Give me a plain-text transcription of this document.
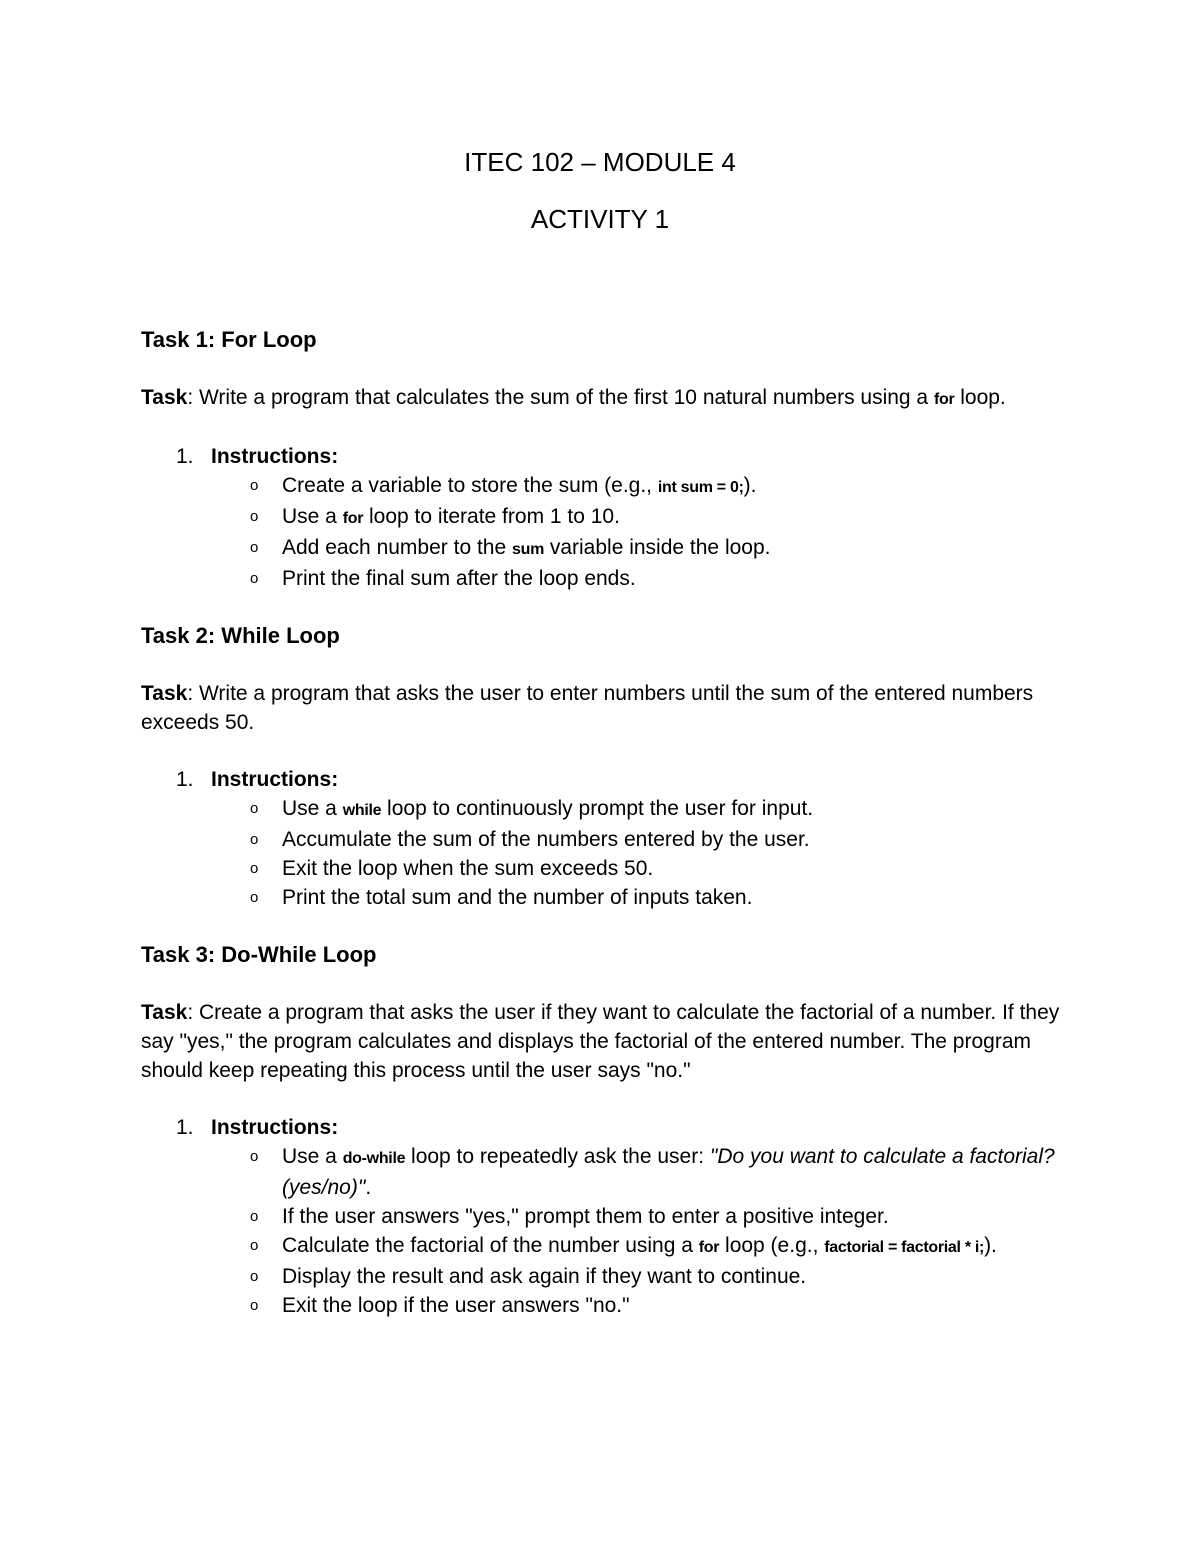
ITEC 102 – MODULE 4
ACTIVITY 1
Task 1: For Loop
Task: Write a program that calculates the sum of the first 10 natural numbers using a for loop.
1. Instructions:
o Create a variable to store the sum (e.g., int sum = 0;).
o Use a for loop to iterate from 1 to 10.
o Add each number to the sum variable inside the loop.
o Print the final sum after the loop ends.
Task 2: While Loop
Task: Write a program that asks the user to enter numbers until the sum of the entered numbers exceeds 50.
1. Instructions:
o Use a while loop to continuously prompt the user for input.
o Accumulate the sum of the numbers entered by the user.
o Exit the loop when the sum exceeds 50.
o Print the total sum and the number of inputs taken.
Task 3: Do-While Loop
Task: Create a program that asks the user if they want to calculate the factorial of a number. If they say "yes," the program calculates and displays the factorial of the entered number. The program should keep repeating this process until the user says "no."
1. Instructions:
o Use a do-while loop to repeatedly ask the user: "Do you want to calculate a factorial? (yes/no)".
o If the user answers "yes," prompt them to enter a positive integer.
o Calculate the factorial of the number using a for loop (e.g., factorial = factorial * i;).
o Display the result and ask again if they want to continue.
o Exit the loop if the user answers "no."
